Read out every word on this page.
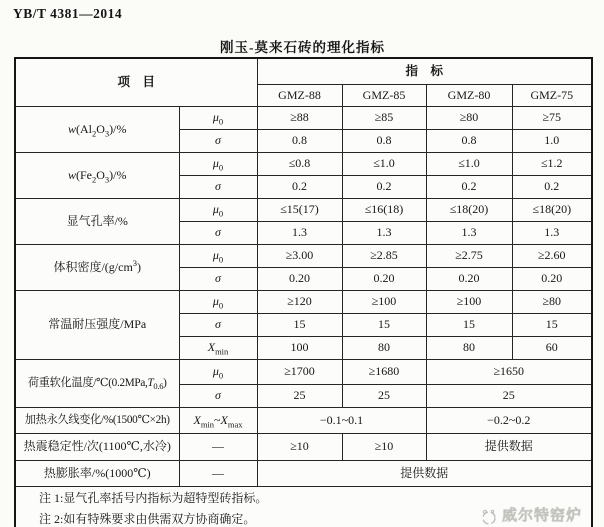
YB/T 4381—2014
刚玉-莫来石砖的理化指标
项　目		指　标			
		GMZ-88	GMZ-85	GMZ-80	GMZ-75
$w(Al_2O_3)/\%$	$\mu_0$	≥88	≥85	≥80	≥75
	σ	0.8	0.8	0.8	1.0
$w(Fe_2O_3)/\%$	$\mu_0$	≤0.8	≤1.0	≤1.0	≤1.2
	σ	0.2	0.2	0.2	0.2
显气孔率/%	$\mu_0$	≤15(17)	≤16(18)	≤18(20)	≤18(20)
	σ	1.3	1.3	1.3	1.3
体积密度$/(g/cm^3)$	$\mu_0$	≥3.00	≥2.85	≥2.75	≥2.60
	σ	0.20	0.20	0.20	0.20
常温耐压强度/MPa	$\mu_0$	≥120	≥100	≥100	≥80
	σ	15	15	15	15
	$X_{min}$	100	80	80	60
荷重软化温度$/℃(0.2MPa,T_{0.6})$	$\mu_0$	≥1700	≥1680	≥1650	
	σ	25	25	25	
加热永久线变化/%(1500℃×2h)	$X_{min}\sim X_{max}$	−0.1~0.1		−0.2~0.2	
热震稳定性/次(1100℃,水冷)	—	≥10	≥10	提供数据	
热膨胀率/%(1000℃)	—	提供数据			

注 1:显气孔率括号内指标为超特型砖指标。
注 2:如有特殊要求由供需双方协商确定。 威尔特窑炉					
